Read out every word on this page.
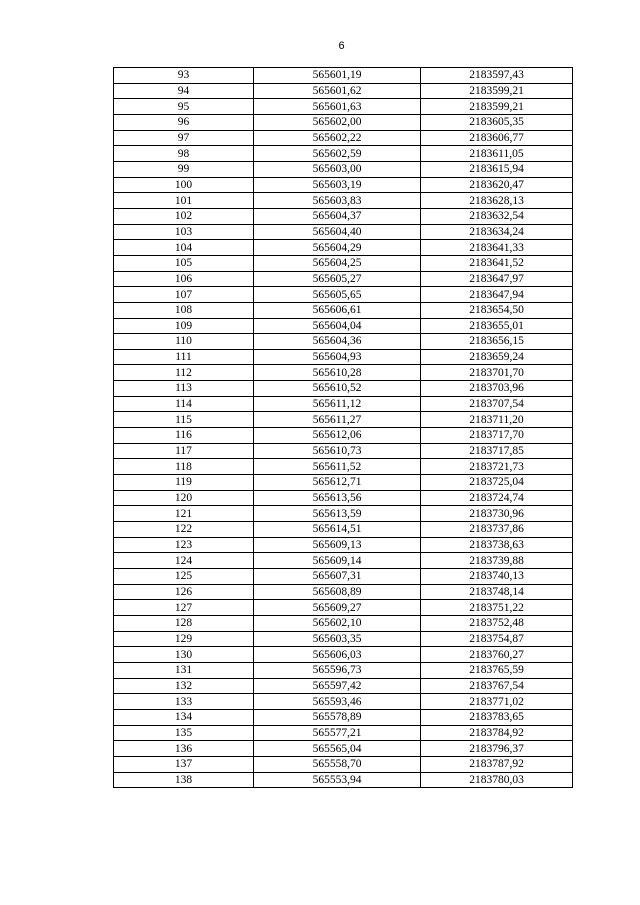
6
93	565601,19	2183597,43
94	565601,62	2183599,21
95	565601,63	2183599,21
96	565602,00	2183605,35
97	565602,22	2183606,77
98	565602,59	2183611,05
99	565603,00	2183615,94
100	565603,19	2183620,47
101	565603,83	2183628,13
102	565604,37	2183632,54
103	565604,40	2183634,24
104	565604,29	2183641,33
105	565604,25	2183641,52
106	565605,27	2183647,97
107	565605,65	2183647,94
108	565606,61	2183654,50
109	565604,04	2183655,01
110	565604,36	2183656,15
111	565604,93	2183659,24
112	565610,28	2183701,70
113	565610,52	2183703,96
114	565611,12	2183707,54
115	565611,27	2183711,20
116	565612,06	2183717,70
117	565610,73	2183717,85
118	565611,52	2183721,73
119	565612,71	2183725,04
120	565613,56	2183724,74
121	565613,59	2183730,96
122	565614,51	2183737,86
123	565609,13	2183738,63
124	565609,14	2183739,88
125	565607,31	2183740,13
126	565608,89	2183748,14
127	565609,27	2183751,22
128	565602,10	2183752,48
129	565603,35	2183754,87
130	565606,03	2183760,27
131	565596,73	2183765,59
132	565597,42	2183767,54
133	565593,46	2183771,02
134	565578,89	2183783,65
135	565577,21	2183784,92
136	565565,04	2183796,37
137	565558,70	2183787,92
138	565553,94	2183780,03
